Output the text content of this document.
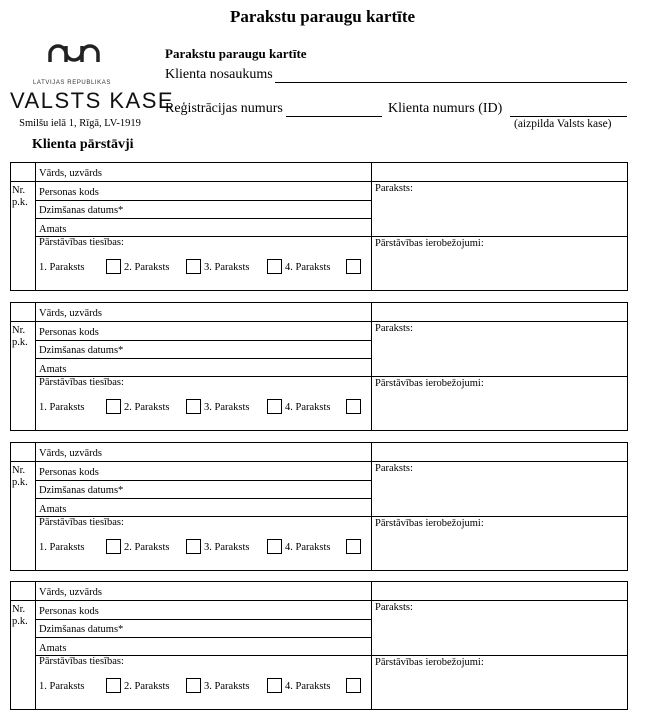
Parakstu paraugu kartīte
LATVIJAS REPUBLIKAS
VALSTS KASE
Smilšu ielā 1, Rīgā, LV-1919
Parakstu paraugu kartīte
Klienta nosaukums
Reģistrācijas numurs	Klienta numurs (ID)
(aizpilda Valsts kase)
Klienta pārstāvji
Nr.
p.k.
Vārds, uzvārds
Personas kods
Dzimšanas datums*
Amats
Pārstāvības tiesības:
1. Paraksts	2. Paraksts	3. Paraksts	4. Paraksts
Paraksts:
Pārstāvības ierobežojumi:
Nr.
p.k.
Vārds, uzvārds
Personas kods
Dzimšanas datums*
Amats
Pārstāvības tiesības:
1. Paraksts	2. Paraksts	3. Paraksts	4. Paraksts
Paraksts:
Pārstāvības ierobežojumi:
Nr.
p.k.
Vārds, uzvārds
Personas kods
Dzimšanas datums*
Amats
Pārstāvības tiesības:
1. Paraksts	2. Paraksts	3. Paraksts	4. Paraksts
Paraksts:
Pārstāvības ierobežojumi:
Nr.
p.k.
Vārds, uzvārds
Personas kods
Dzimšanas datums*
Amats
Pārstāvības tiesības:
1. Paraksts	2. Paraksts	3. Paraksts	4. Paraksts
Paraksts:
Pārstāvības ierobežojumi:
